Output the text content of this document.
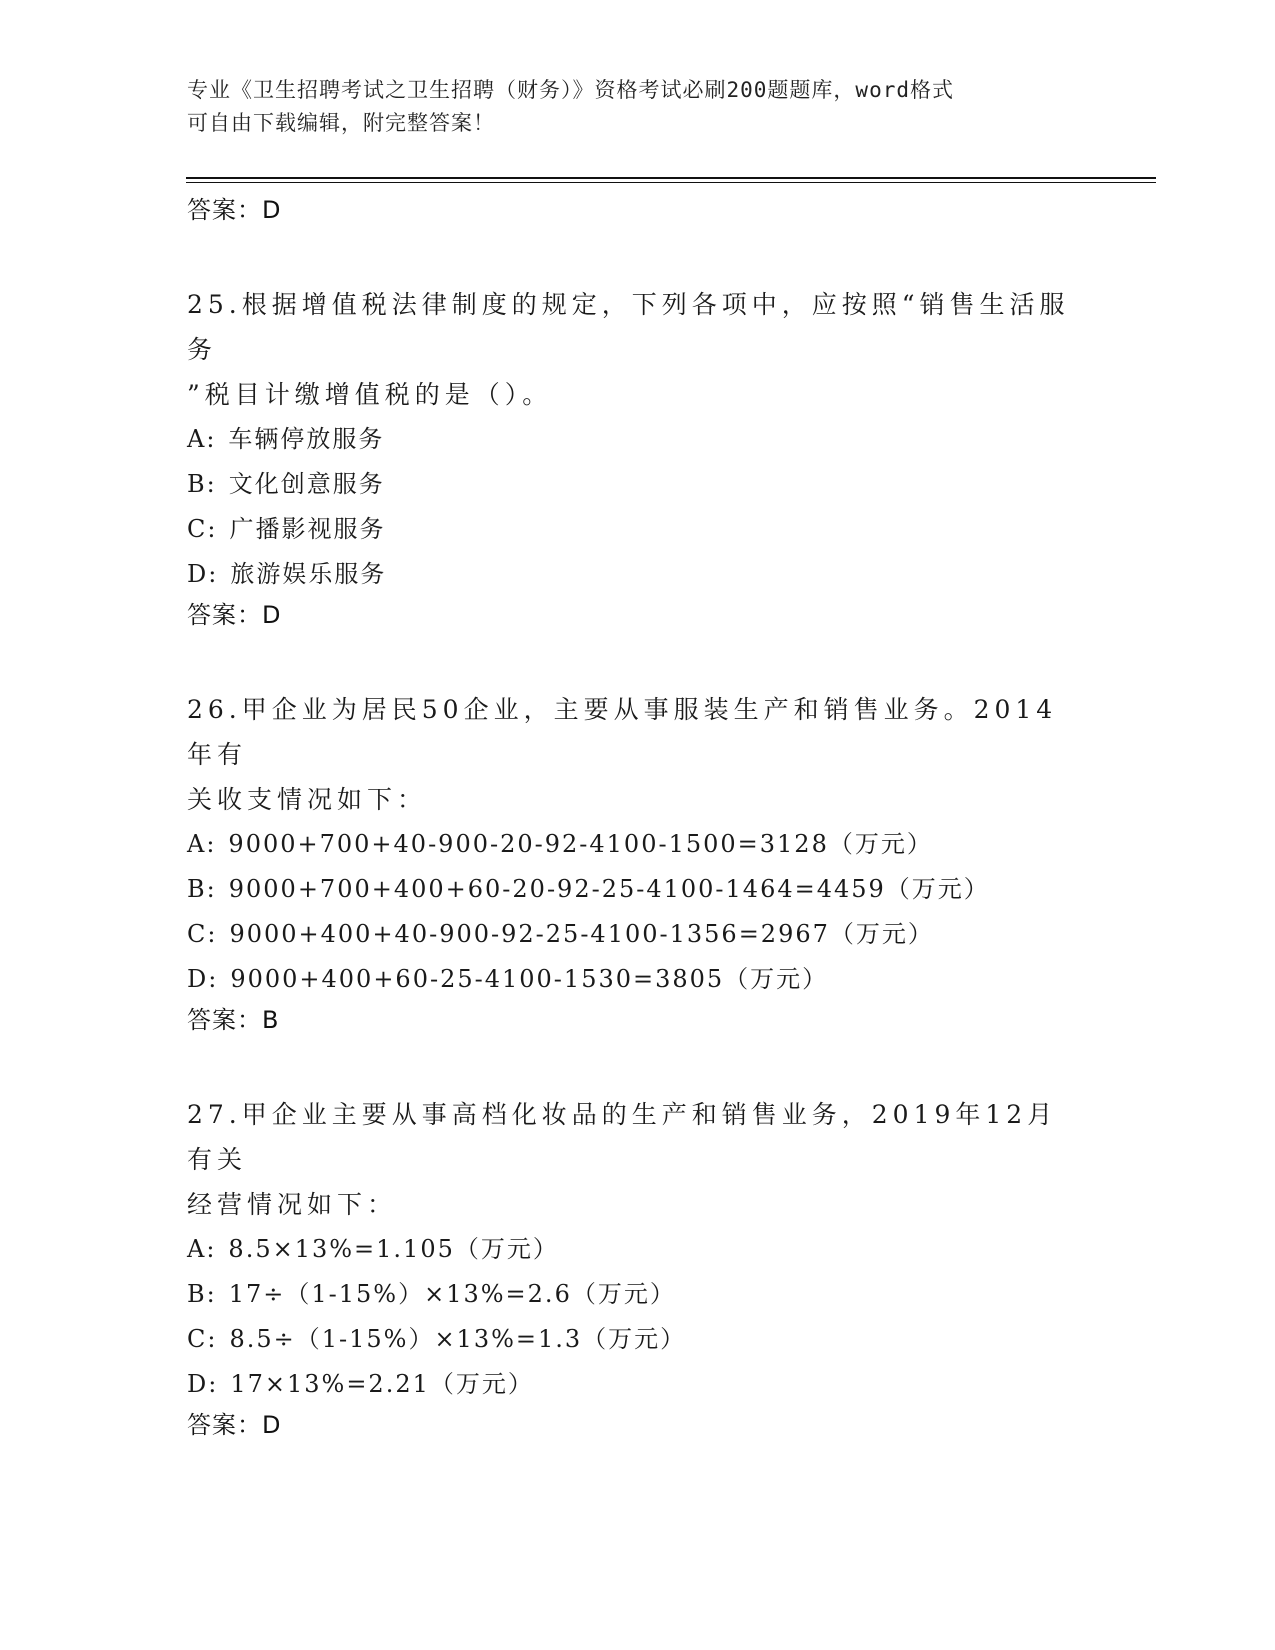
专业《卫生招聘考试之卫生招聘（财务）》资格考试必刷200题题库，word格式
可自由下载编辑，附完整答案！

答案：D

25.根据增值税法律制度的规定，下列各项中，应按照“销售生活服务

”税目计缴增值税的是（）。

A: 车辆停放服务

B: 文化创意服务

C: 广播影视服务

D: 旅游娱乐服务

答案：D

26.甲企业为居民50企业，主要从事服装生产和销售业务。2014年有

关收支情况如下：

A: 9000+700+40-900-20-92-4100-1500=3128（万元）

B: 9000+700+400+60-20-92-25-4100-1464=4459（万元）

C: 9000+400+40-900-92-25-4100-1356=2967（万元）

D: 9000+400+60-25-4100-1530=3805（万元）

答案：B

27.甲企业主要从事高档化妆品的生产和销售业务，2019年12月有关

经营情况如下：

A: 8.5×13%=1.105（万元）

B: 17÷（1-15%）×13%=2.6（万元）

C: 8.5÷（1-15%）×13%=1.3（万元）

D: 17×13%=2.21（万元）

答案：D
